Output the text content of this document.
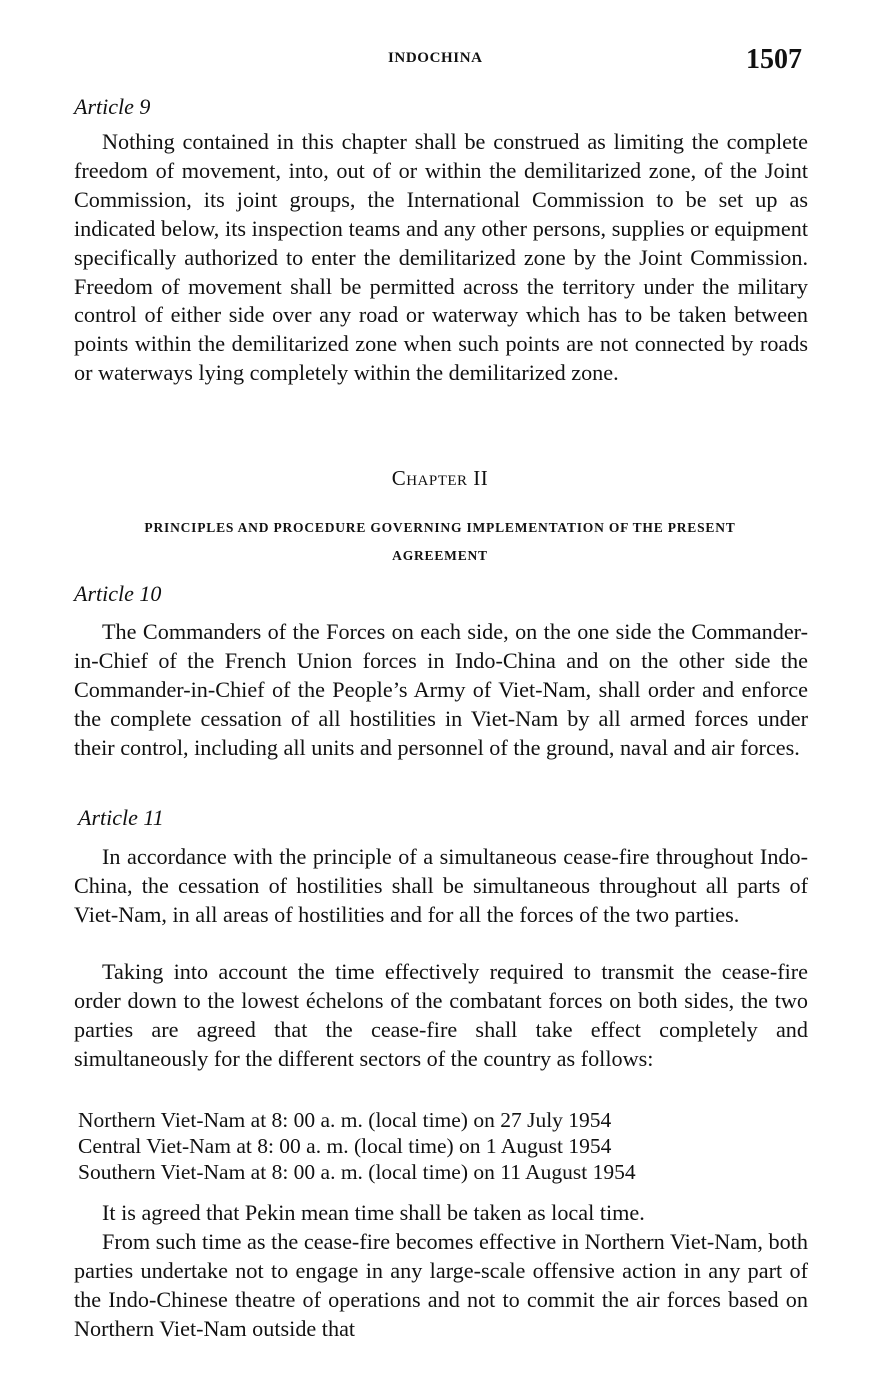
INDOCHINA	1507
Article 9
Nothing contained in this chapter shall be construed as limiting the complete freedom of movement, into, out of or within the demilitarized zone, of the Joint Commission, its joint groups, the International Commission to be set up as indicated below, its inspection teams and any other persons, supplies or equipment specifically authorized to enter the demilitarized zone by the Joint Commission. Freedom of movement shall be permitted across the territory under the military control of either side over any road or waterway which has to be taken between points within the demilitarized zone when such points are not connected by roads or waterways lying completely within the demilitarized zone.
Chapter II
PRINCIPLES AND PROCEDURE GOVERNING IMPLEMENTATION OF THE PRESENT AGREEMENT
Article 10
The Commanders of the Forces on each side, on the one side the Commander-in-Chief of the French Union forces in Indo-China and on the other side the Commander-in-Chief of the People’s Army of Viet-Nam, shall order and enforce the complete cessation of all hostilities in Viet-Nam by all armed forces under their control, including all units and personnel of the ground, naval and air forces.
Article 11
In accordance with the principle of a simultaneous cease-fire throughout Indo-China, the cessation of hostilities shall be simultaneous throughout all parts of Viet-Nam, in all areas of hostilities and for all the forces of the two parties.
Taking into account the time effectively required to transmit the cease-fire order down to the lowest échelons of the combatant forces on both sides, the two parties are agreed that the cease-fire shall take effect completely and simultaneously for the different sectors of the country as follows:
Northern Viet-Nam at 8: 00 a. m. (local time) on 27 July 1954
Central Viet-Nam at 8: 00 a. m. (local time) on 1 August 1954
Southern Viet-Nam at 8: 00 a. m. (local time) on 11 August 1954
It is agreed that Pekin mean time shall be taken as local time.
From such time as the cease-fire becomes effective in Northern Viet-Nam, both parties undertake not to engage in any large-scale offensive action in any part of the Indo-Chinese theatre of operations and not to commit the air forces based on Northern Viet-Nam outside that
